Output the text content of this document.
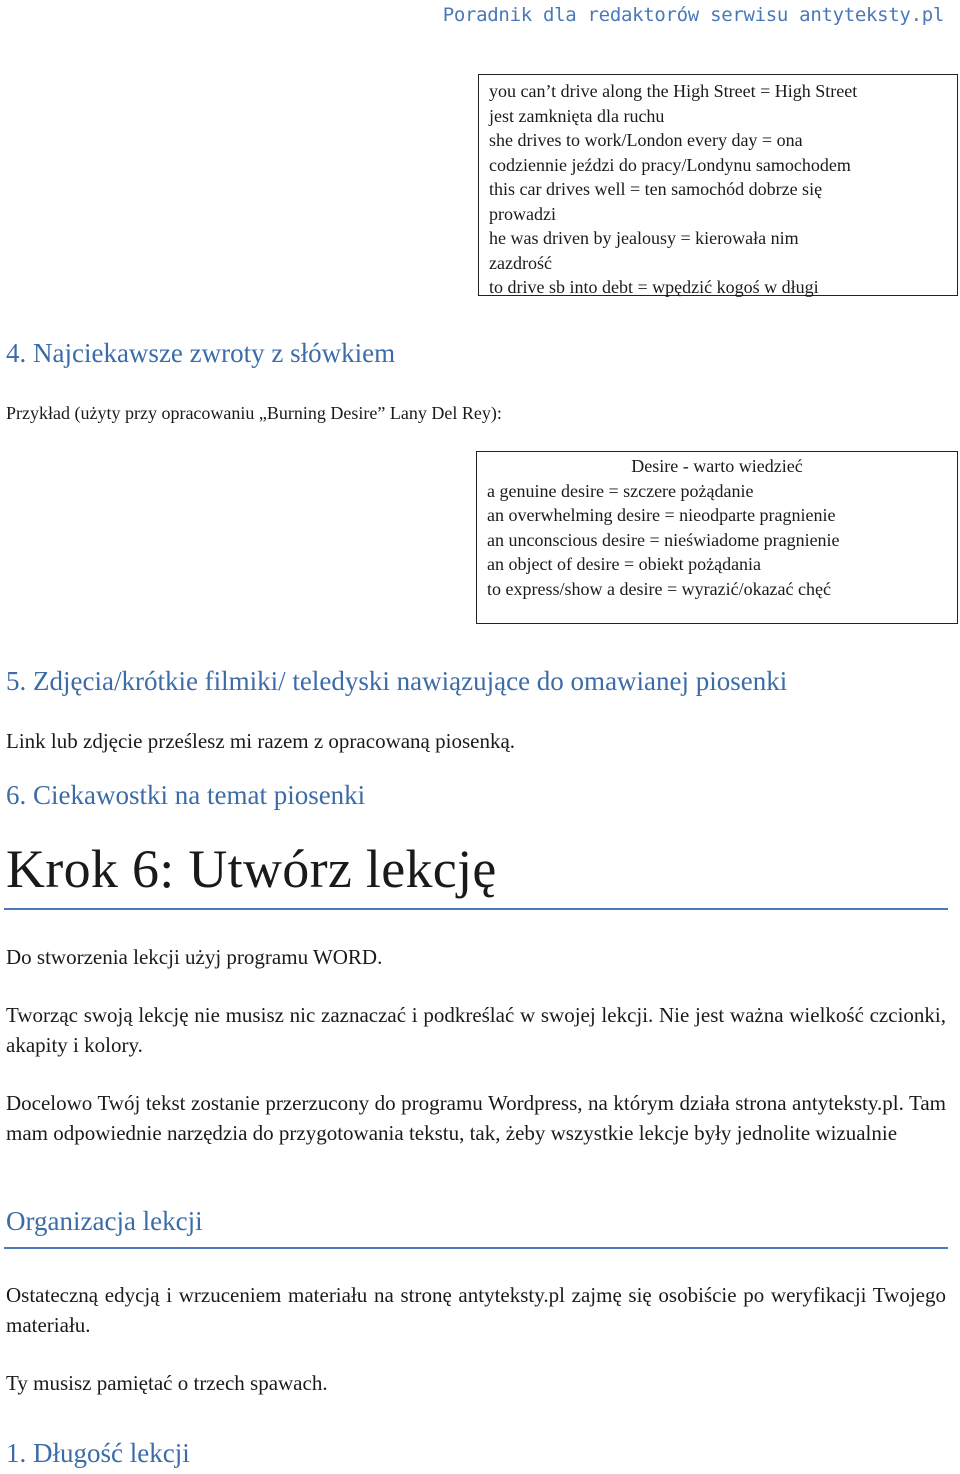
Poradnik dla redaktorów serwisu antyteksty.pl
you can’t drive along the High Street = High Street
jest zamknięta dla ruchu
she drives to work/London every day = ona
codziennie jeździ do pracy/Londynu samochodem
this car drives well = ten samochód dobrze się
prowadzi
he was driven by jealousy = kierowała nim
zazdrość
to drive sb into debt = wpędzić kogoś w długi
4. Najciekawsze zwroty z słówkiem
Przykład (użyty przy opracowaniu „Burning Desire” Lany Del Rey):
Desire - warto wiedzieć
a genuine desire = szczere pożądanie
an overwhelming desire = nieodparte pragnienie
an unconscious desire = nieświadome pragnienie
an object of desire = obiekt pożądania
to express/show a desire = wyrazić/okazać chęć
5. Zdjęcia/krótkie filmiki/ teledyski nawiązujące do omawianej piosenki
Link lub zdjęcie prześlesz mi razem z opracowaną piosenką.
6. Ciekawostki na temat piosenki
Krok 6: Utwórz lekcję
Do stworzenia lekcji użyj programu WORD.
Tworząc swoją lekcję nie musisz nic zaznaczać i podkreślać w swojej lekcji. Nie jest ważna wielkość czcionki, akapity i kolory.
Docelowo Twój tekst zostanie przerzucony do programu Wordpress, na którym działa strona antyteksty.pl. Tam mam odpowiednie narzędzia do przygotowania tekstu, tak, żeby wszystkie lekcje były jednolite wizualnie
Organizacja lekcji
Ostateczną edycją i wrzuceniem materiału na stronę antyteksty.pl zajmę się osobiście po weryfikacji Twojego materiału.
Ty musisz pamiętać o trzech spawach.
1. Długość lekcji
